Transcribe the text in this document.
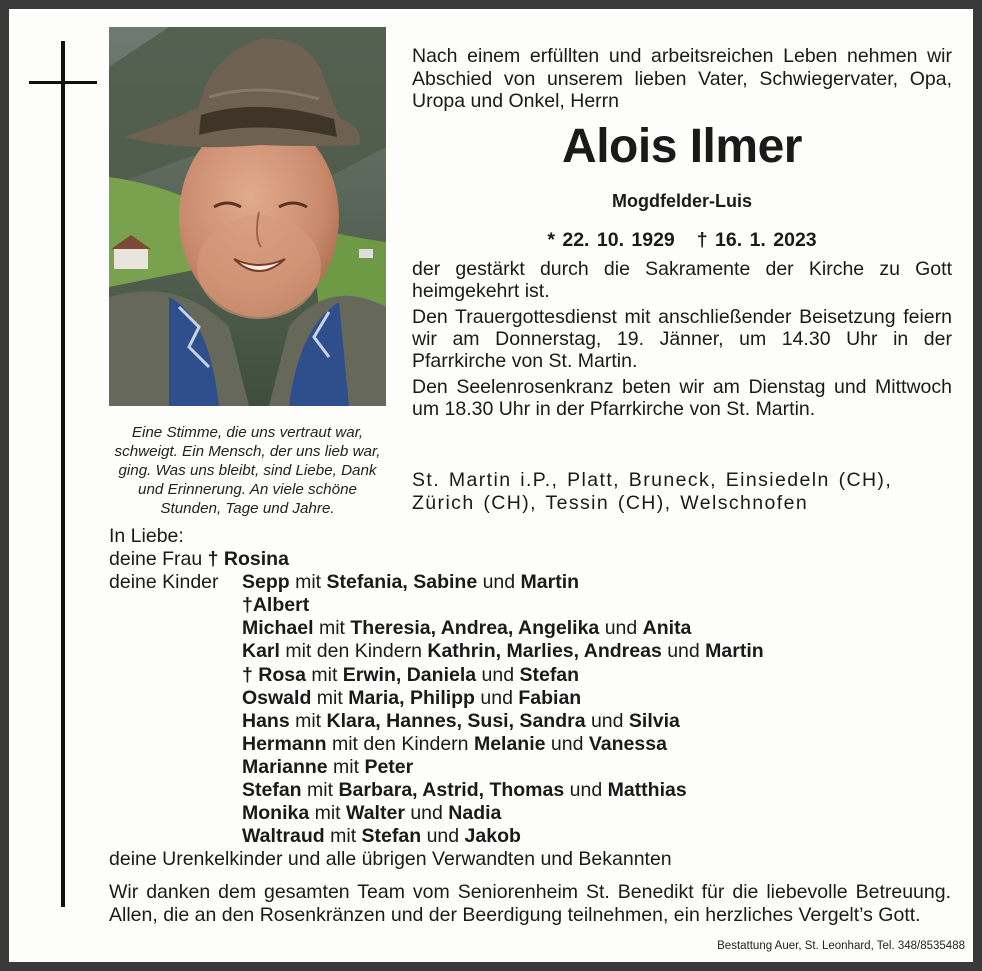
Eine Stimme, die uns vertraut war, schweigt. Ein Mensch, der uns lieb war, ging. Was uns bleibt, sind Liebe, Dank und Erinnerung. An viele schöne Stunden, Tage und Jahre.
Nach einem erfüllten und arbeitsreichen Leben nehmen wir Abschied von unserem lieben Vater, Schwiegervater, Opa, Uropa und Onkel, Herrn
Alois Ilmer
Mogdfelder-Luis
* 22. 10. 1929 † 16. 1. 2023
der gestärkt durch die Sakramente der Kirche zu Gott heimgekehrt ist.
Den Trauergottesdienst mit anschließender Beisetzung feiern wir am Donnerstag, 19. Jänner, um 14.30 Uhr in der Pfarrkirche von St. Martin.
Den Seelenrosenkranz beten wir am Dienstag und Mittwoch um 18.30 Uhr in der Pfarrkirche von St. Martin.
St. Martin i.P., Platt, Bruneck, Einsiedeln (CH), Zürich (CH), Tessin (CH), Welschnofen
In Liebe:
deine Frau † Rosina
deine Kinder Sepp mit Stefania, Sabine und Martin
†Albert
Michael mit Theresia, Andrea, Angelika und Anita
Karl mit den Kindern Kathrin, Marlies, Andreas und Martin
† Rosa mit Erwin, Daniela und Stefan
Oswald mit Maria, Philipp und Fabian
Hans mit Klara, Hannes, Susi, Sandra und Silvia
Hermann mit den Kindern Melanie und Vanessa
Marianne mit Peter
Stefan mit Barbara, Astrid, Thomas und Matthias
Monika mit Walter und Nadia
Waltraud mit Stefan und Jakob
deine Urenkelkinder und alle übrigen Verwandten und Bekannten
Wir danken dem gesamten Team vom Seniorenheim St. Benedikt für die liebevolle Betreuung. Allen, die an den Rosenkränzen und der Beerdigung teilnehmen, ein herzliches Vergelt’s Gott.
Bestattung Auer, St. Leonhard, Tel. 348/8535488
